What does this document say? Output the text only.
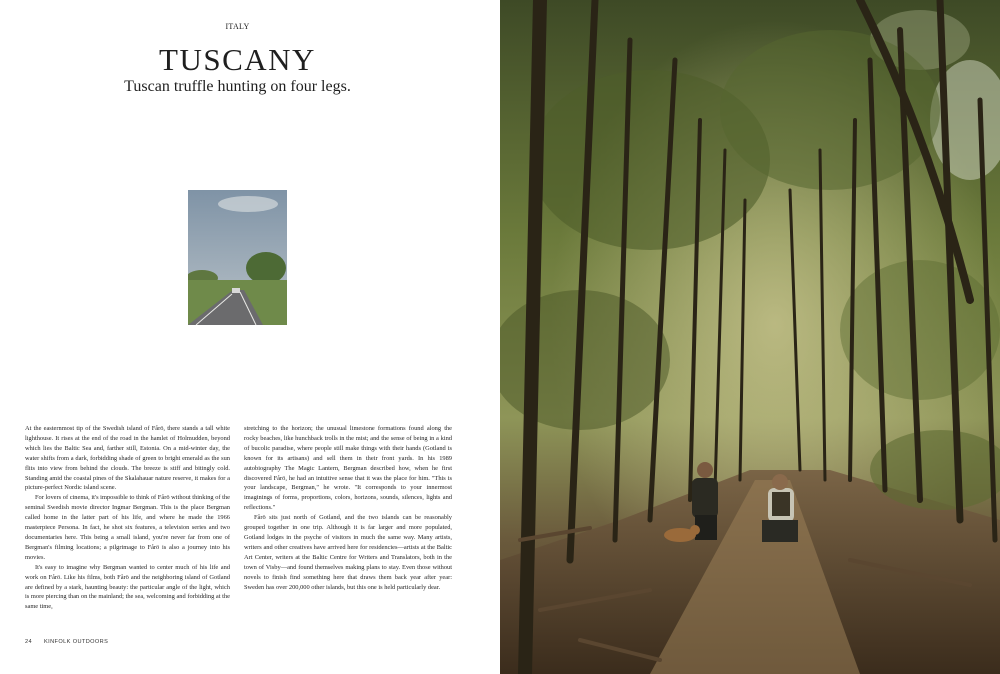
ITALY
TUSCANY
Tuscan truffle hunting on four legs.

At the easternmost tip of the Swedish island of Fårö, there stands a tall white lighthouse. It rises at the end of the road in the hamlet of Holmudden, beyond which lies the Baltic Sea and, farther still, Estonia. On a mid-winter day, the water shifts from a dark, forbidding shade of green to bright emerald as the sun flits into view from behind the clouds. The breeze is stiff and bitingly cold. Standing amid the coastal pines of the Skalahauar nature reserve, it makes for a picture-perfect Nordic island scene.

For lovers of cinema, it's impossible to think of Fårö without thinking of the seminal Swedish movie director Ingmar Bergman. This is the place Bergman called home in the latter part of his life, and where he made the 1966 masterpiece Persona. In fact, he shot six features, a television series and two documentaries here. This being a small island, you're never far from one of Bergman's filming locations; a pilgrimage to Fårö is also a journey into his movies.

It's easy to imagine why Bergman wanted to center much of his life and work on Fårö. Like his films, both Fårö and the neighboring island of Gotland are defined by a stark, haunting beauty: the particular angle of the light, which is more piercing than on the mainland; the sea, welcoming and forbidding at the same time,

stretching to the horizon; the unusual limestone formations found along the rocky beaches, like hunchback trolls in the mist; and the sense of being in a kind of bucolic paradise, where people still make things with their hands (Gotland is known for its artisans) and sell them in their front yards. In his 1989 autobiography The Magic Lantern, Bergman described how, when he first discovered Fårö, he had an intuitive sense that it was the place for him. "This is your landscape, Bergman," he wrote. "It corresponds to your innermost imaginings of forms, proportions, colors, horizons, sounds, silences, lights and reflections."

Fårö sits just north of Gotland, and the two islands can be reasonably grouped together in one trip. Although it is far larger and more populated, Gotland lodges in the psyche of visitors in much the same way. Many artists, writers and other creatives have arrived here for residencies—artists at the Baltic Art Center, writers at the Baltic Centre for Writers and Translators, both in the town of Visby—and found themselves making plans to stay. Even those without novels to finish find something here that draws them back year after year: Sweden has over 200,000 other islands, but this one is held particularly dear.

24 KINFOLK OUTDOORS
